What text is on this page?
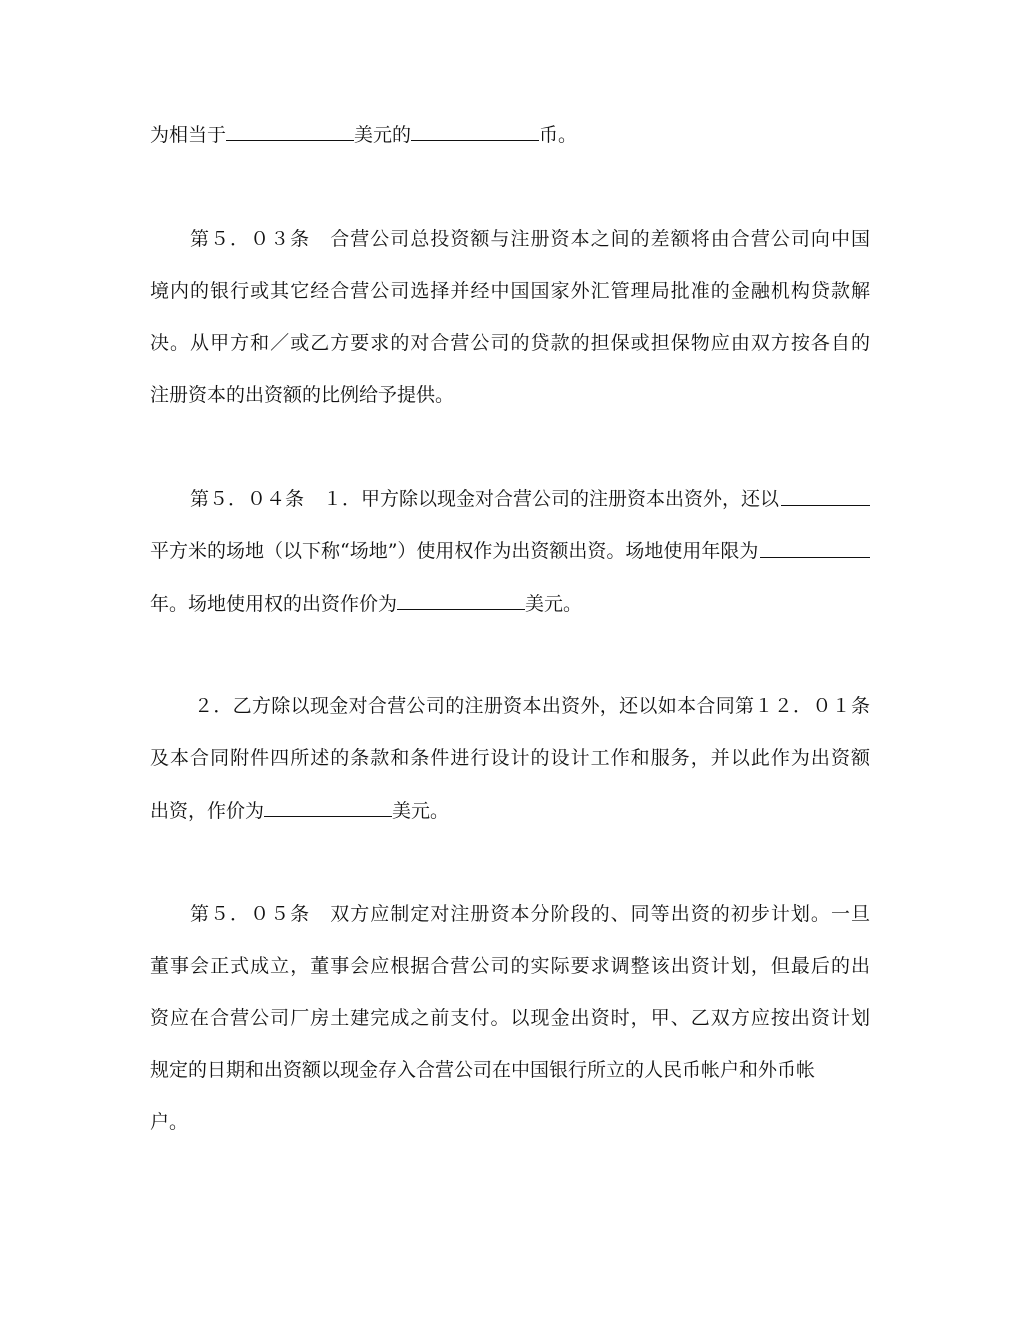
为相当于	美元的	币。
第５．０３条　合营公司总投资额与注册资本之间的差额将由合营公司向中国
境内的银行或其它经合营公司选择并经中国国家外汇管理局批准的金融机构贷款解
决。从甲方和／或乙方要求的对合营公司的贷款的担保或担保物应由双方按各自的
注册资本的出资额的比例给予提供。
第５．０４条　１．甲方除以现金对合营公司的注册资本出资外，还以
平方米的场地（以下称“场地”）使用权作为出资额出资。场地使用年限为
年。场地使用权的出资作价为	美元。
２．乙方除以现金对合营公司的注册资本出资外，还以如本合同第１２．０１条
及本合同附件四所述的条款和条件进行设计的设计工作和服务，并以此作为出资额
出资，作价为	美元。
第５．０５条　双方应制定对注册资本分阶段的、同等出资的初步计划。一旦
董事会正式成立，董事会应根据合营公司的实际要求调整该出资计划，但最后的出
资应在合营公司厂房土建完成之前支付。以现金出资时，甲、乙双方应按出资计划
规定的日期和出资额以现金存入合营公司在中国银行所立的人民币帐户和外币帐
户。
